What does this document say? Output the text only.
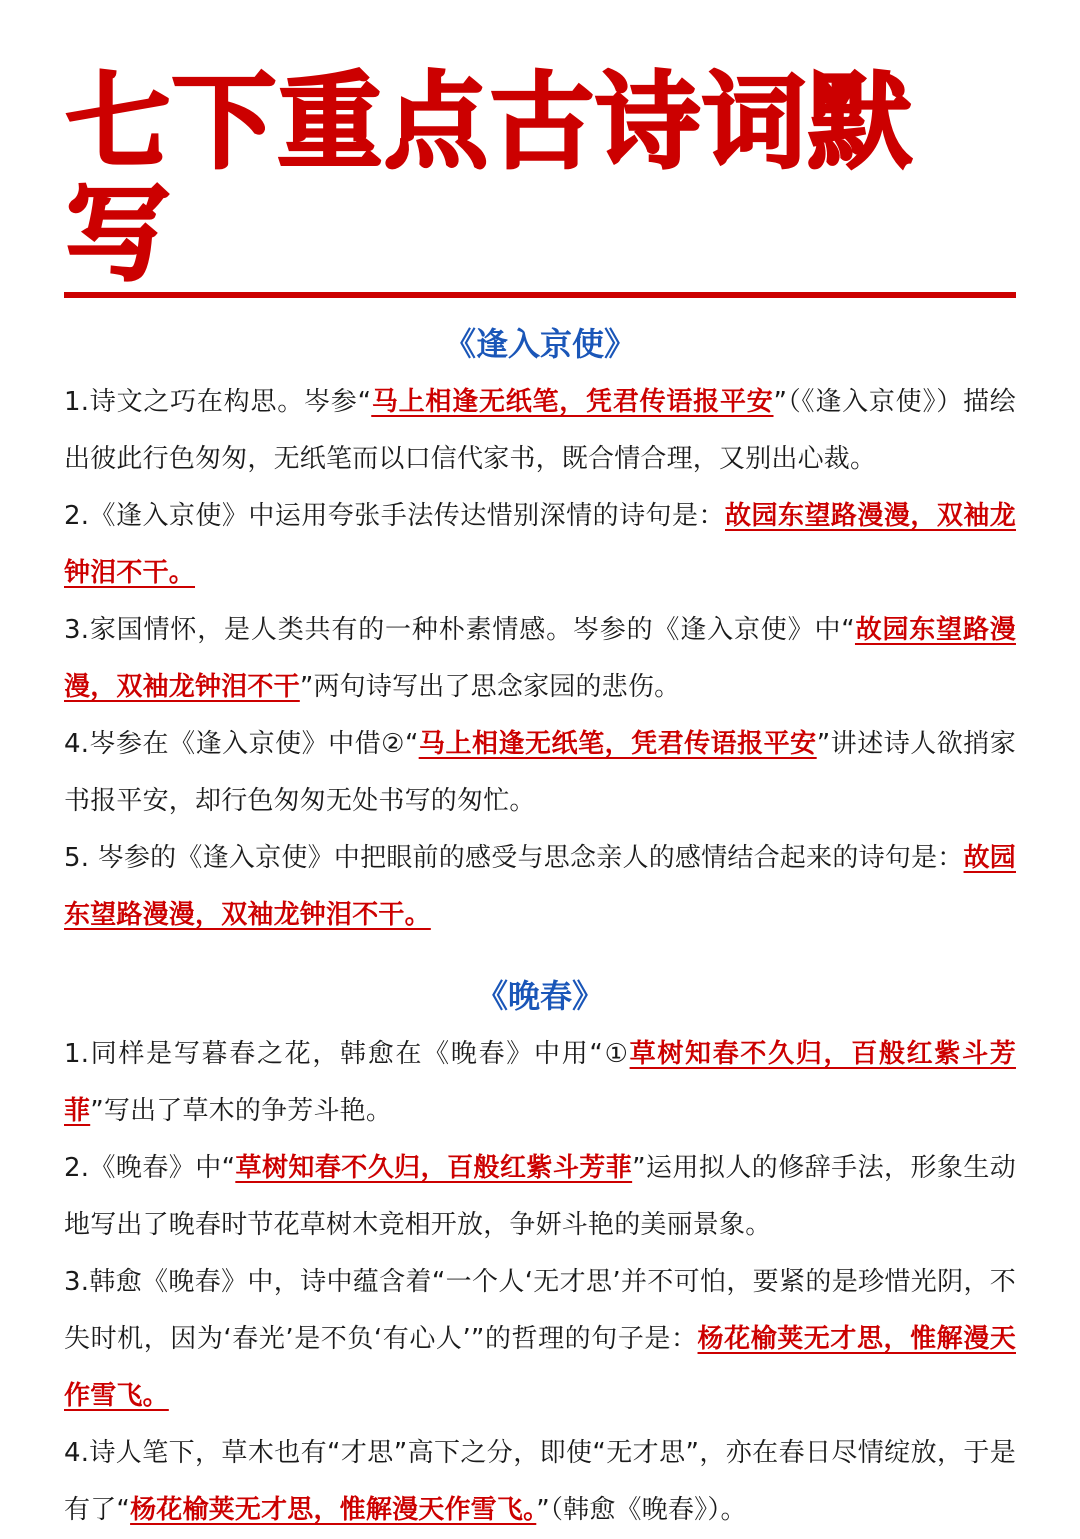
七下重点古诗词默写
《逢入京使》

1.诗文之巧在构思。岑参“马上相逢无纸笔，凭君传语报平安”（《逢入京使》）描绘出彼此行色匆匆，无纸笔而以口信代家书，既合情合理，又别出心裁。

2.《逢入京使》中运用夸张手法传达惜别深情的诗句是：故园东望路漫漫，双袖龙钟泪不干。

3.家国情怀，是人类共有的一种朴素情感。岑参的《逢入京使》中“故园东望路漫漫，双袖龙钟泪不干”两句诗写出了思念家园的悲伤。

4.岑参在《逢入京使》中借②“马上相逢无纸笔，凭君传语报平安”讲述诗人欲捎家书报平安，却行色匆匆无处书写的匆忙。

5. 岑参的《逢入京使》中把眼前的感受与思念亲人的感情结合起来的诗句是：故园东望路漫漫，双袖龙钟泪不干。

《晚春》

1.同样是写暮春之花，韩愈在《晚春》中用“①草树知春不久归，百般红紫斗芳菲”写出了草木的争芳斗艳。

2.《晚春》中“草树知春不久归，百般红紫斗芳菲”运用拟人的修辞手法，形象生动地写出了晚春时节花草树木竞相开放，争妍斗艳的美丽景象。

3.韩愈《晚春》中，诗中蕴含着“一个人‘无才思’并不可怕，要紧的是珍惜光阴，不失时机，因为‘春光’是不负‘有心人’”的哲理的句子是：杨花榆荚无才思，惟解漫天作雪飞。

4.诗人笔下，草木也有“才思”高下之分，即使“无才思”，亦在春日尽情绽放，于是有了“杨花榆荚无才思，惟解漫天作雪飞。”（韩愈《晚春》）。
